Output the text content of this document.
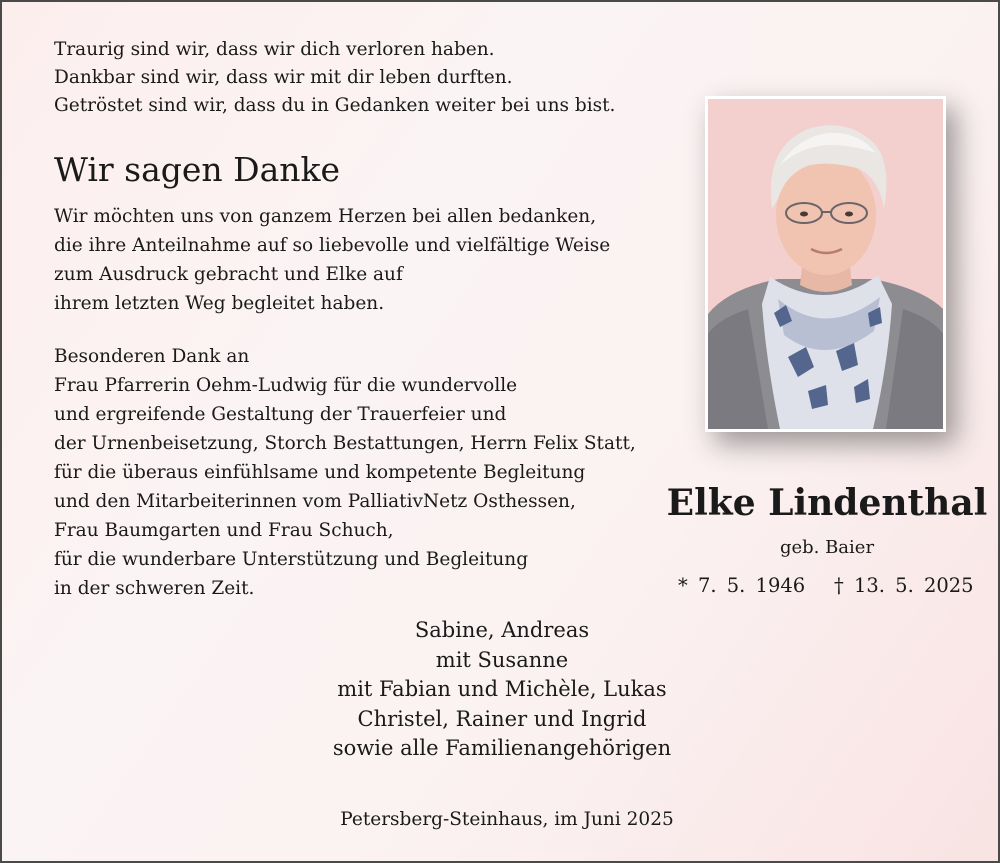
Traurig sind wir, dass wir dich verloren haben.
Dankbar sind wir, dass wir mit dir leben durften.
Getröstet sind wir, dass du in Gedanken weiter bei uns bist.

Wir sagen Danke

Wir möchten uns von ganzem Herzen bei allen bedanken,
die ihre Anteilnahme auf so liebevolle und vielfältige Weise
zum Ausdruck gebracht und Elke auf
ihrem letzten Weg begleitet haben.

Besonderen Dank an
Frau Pfarrerin Oehm-Ludwig für die wundervolle
und ergreifende Gestaltung der Trauerfeier und
der Urnenbeisetzung, Storch Bestattungen, Herrn Felix Statt,
für die überaus einfühlsame und kompetente Begleitung
und den Mitarbeiterinnen vom PalliativNetz Osthessen,
Frau Baumgarten und Frau Schuch,
für die wunderbare Unterstützung und Begleitung
in der schweren Zeit.

Elke Lindenthal

geb. Baier

* 7. 5. 1946 † 13. 5. 2025

Sabine, Andreas
mit Susanne
mit Fabian und Michèle, Lukas
Christel, Rainer und Ingrid
sowie alle Familienangehörigen

Petersberg-Steinhaus, im Juni 2025
